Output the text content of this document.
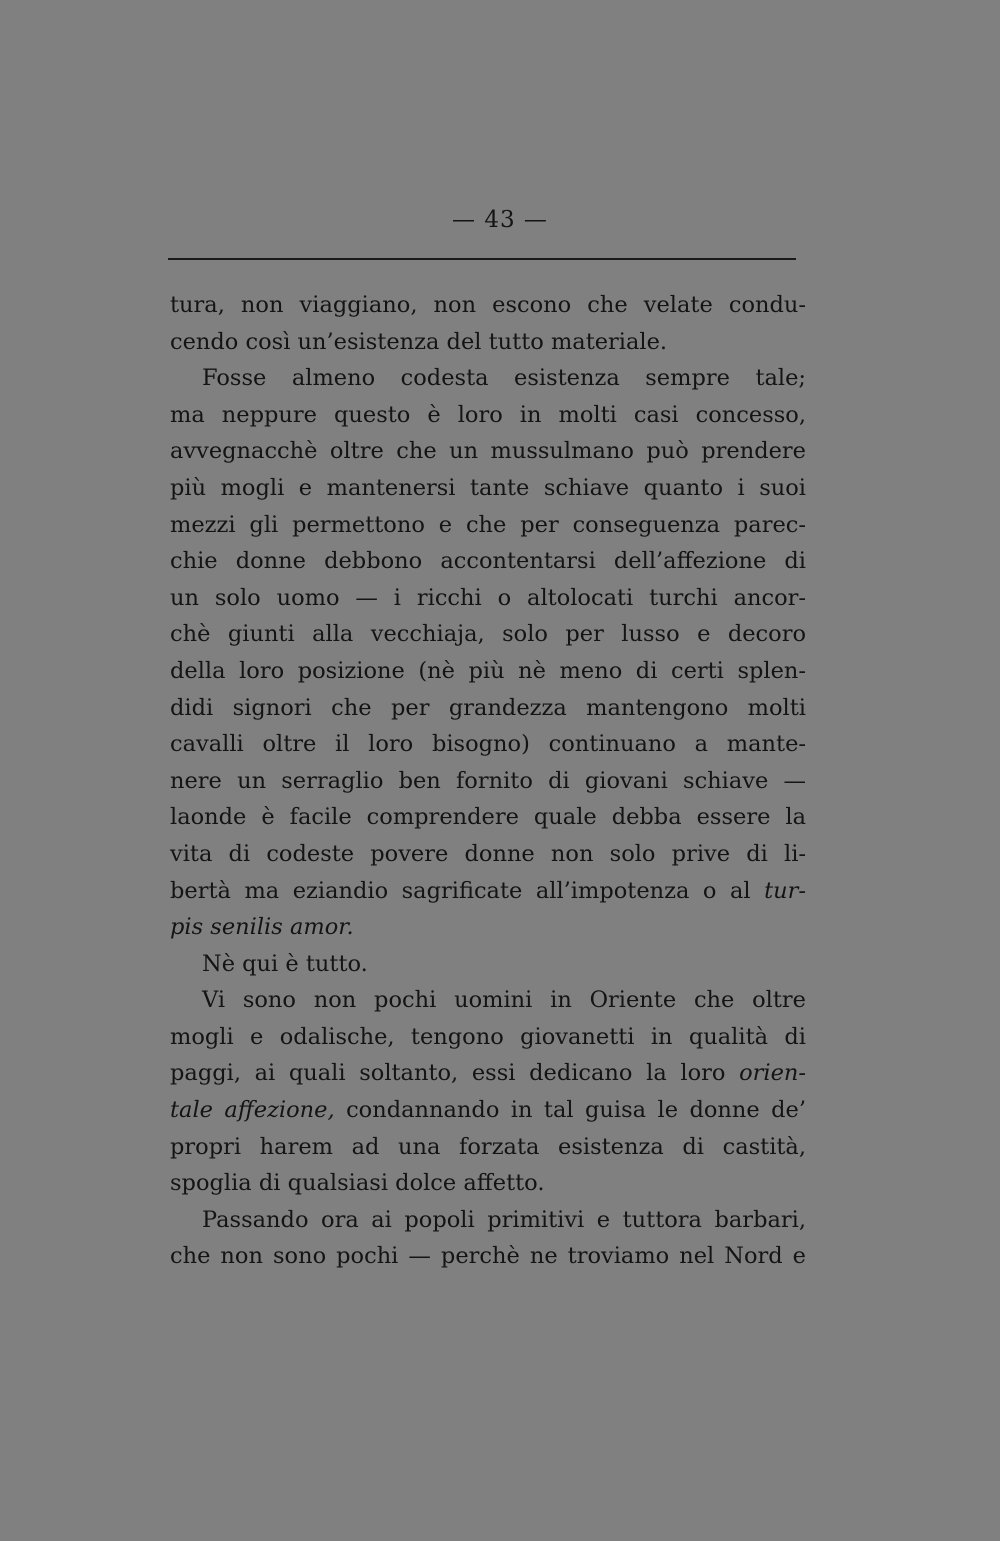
— 43 —
tura, non viaggiano, non escono che velate condu-
cendo così un’esistenza del tutto materiale.
Fosse almeno codesta esistenza sempre tale;
ma neppure questo è loro in molti casi concesso,
avvegnacchè oltre che un mussulmano può prendere
più mogli e mantenersi tante schiave quanto i suoi
mezzi gli permettono e che per conseguenza parec-
chie donne debbono accontentarsi dell’affezione di
un solo uomo — i ricchi o altolocati turchi ancor-
chè giunti alla vecchiaja, solo per lusso e decoro
della loro posizione (nè più nè meno di certi splen-
didi signori che per grandezza mantengono molti
cavalli oltre il loro bisogno) continuano a mante-
nere un serraglio ben fornito di giovani schiave —
laonde è facile comprendere quale debba essere la
vita di codeste povere donne non solo prive di li-
bertà ma eziandio sagrificate all’impotenza o al tur-
pis senilis amor.
Nè qui è tutto.
Vi sono non pochi uomini in Oriente che oltre
mogli e odalische, tengono giovanetti in qualità di
paggi, ai quali soltanto, essi dedicano la loro orien-
tale affezione, condannando in tal guisa le donne de’
propri harem ad una forzata esistenza di castità,
spoglia di qualsiasi dolce affetto.
Passando ora ai popoli primitivi e tuttora barbari,
che non sono pochi — perchè ne troviamo nel Nord e
